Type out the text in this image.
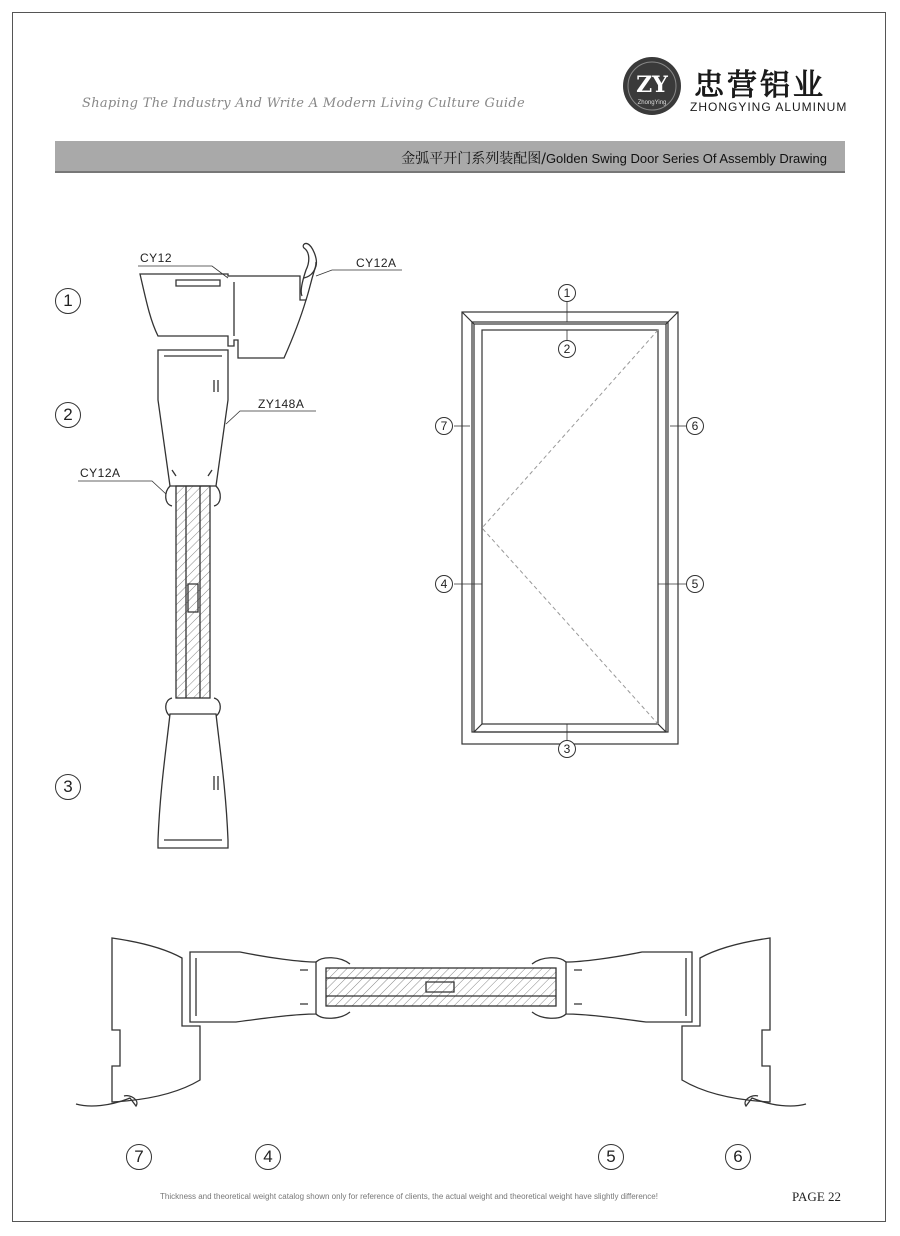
Shaping The Industry And Write A Modern Living Culture Guide
ZY
ZhongYing 忠营铝业
ZHONGYING ALUMINUM
金弧平开门系列装配图/Golden Swing Door Series Of Assembly Drawing
1
2
3
CY12	CY12A
ZY148A
CY12A
1
2
3
4	5
6
7
7	4	5	6
Thickness and theoretical weight catalog shown only for reference of clients, the actual weight and theoretical weight have slightly difference!	PAGE 22
